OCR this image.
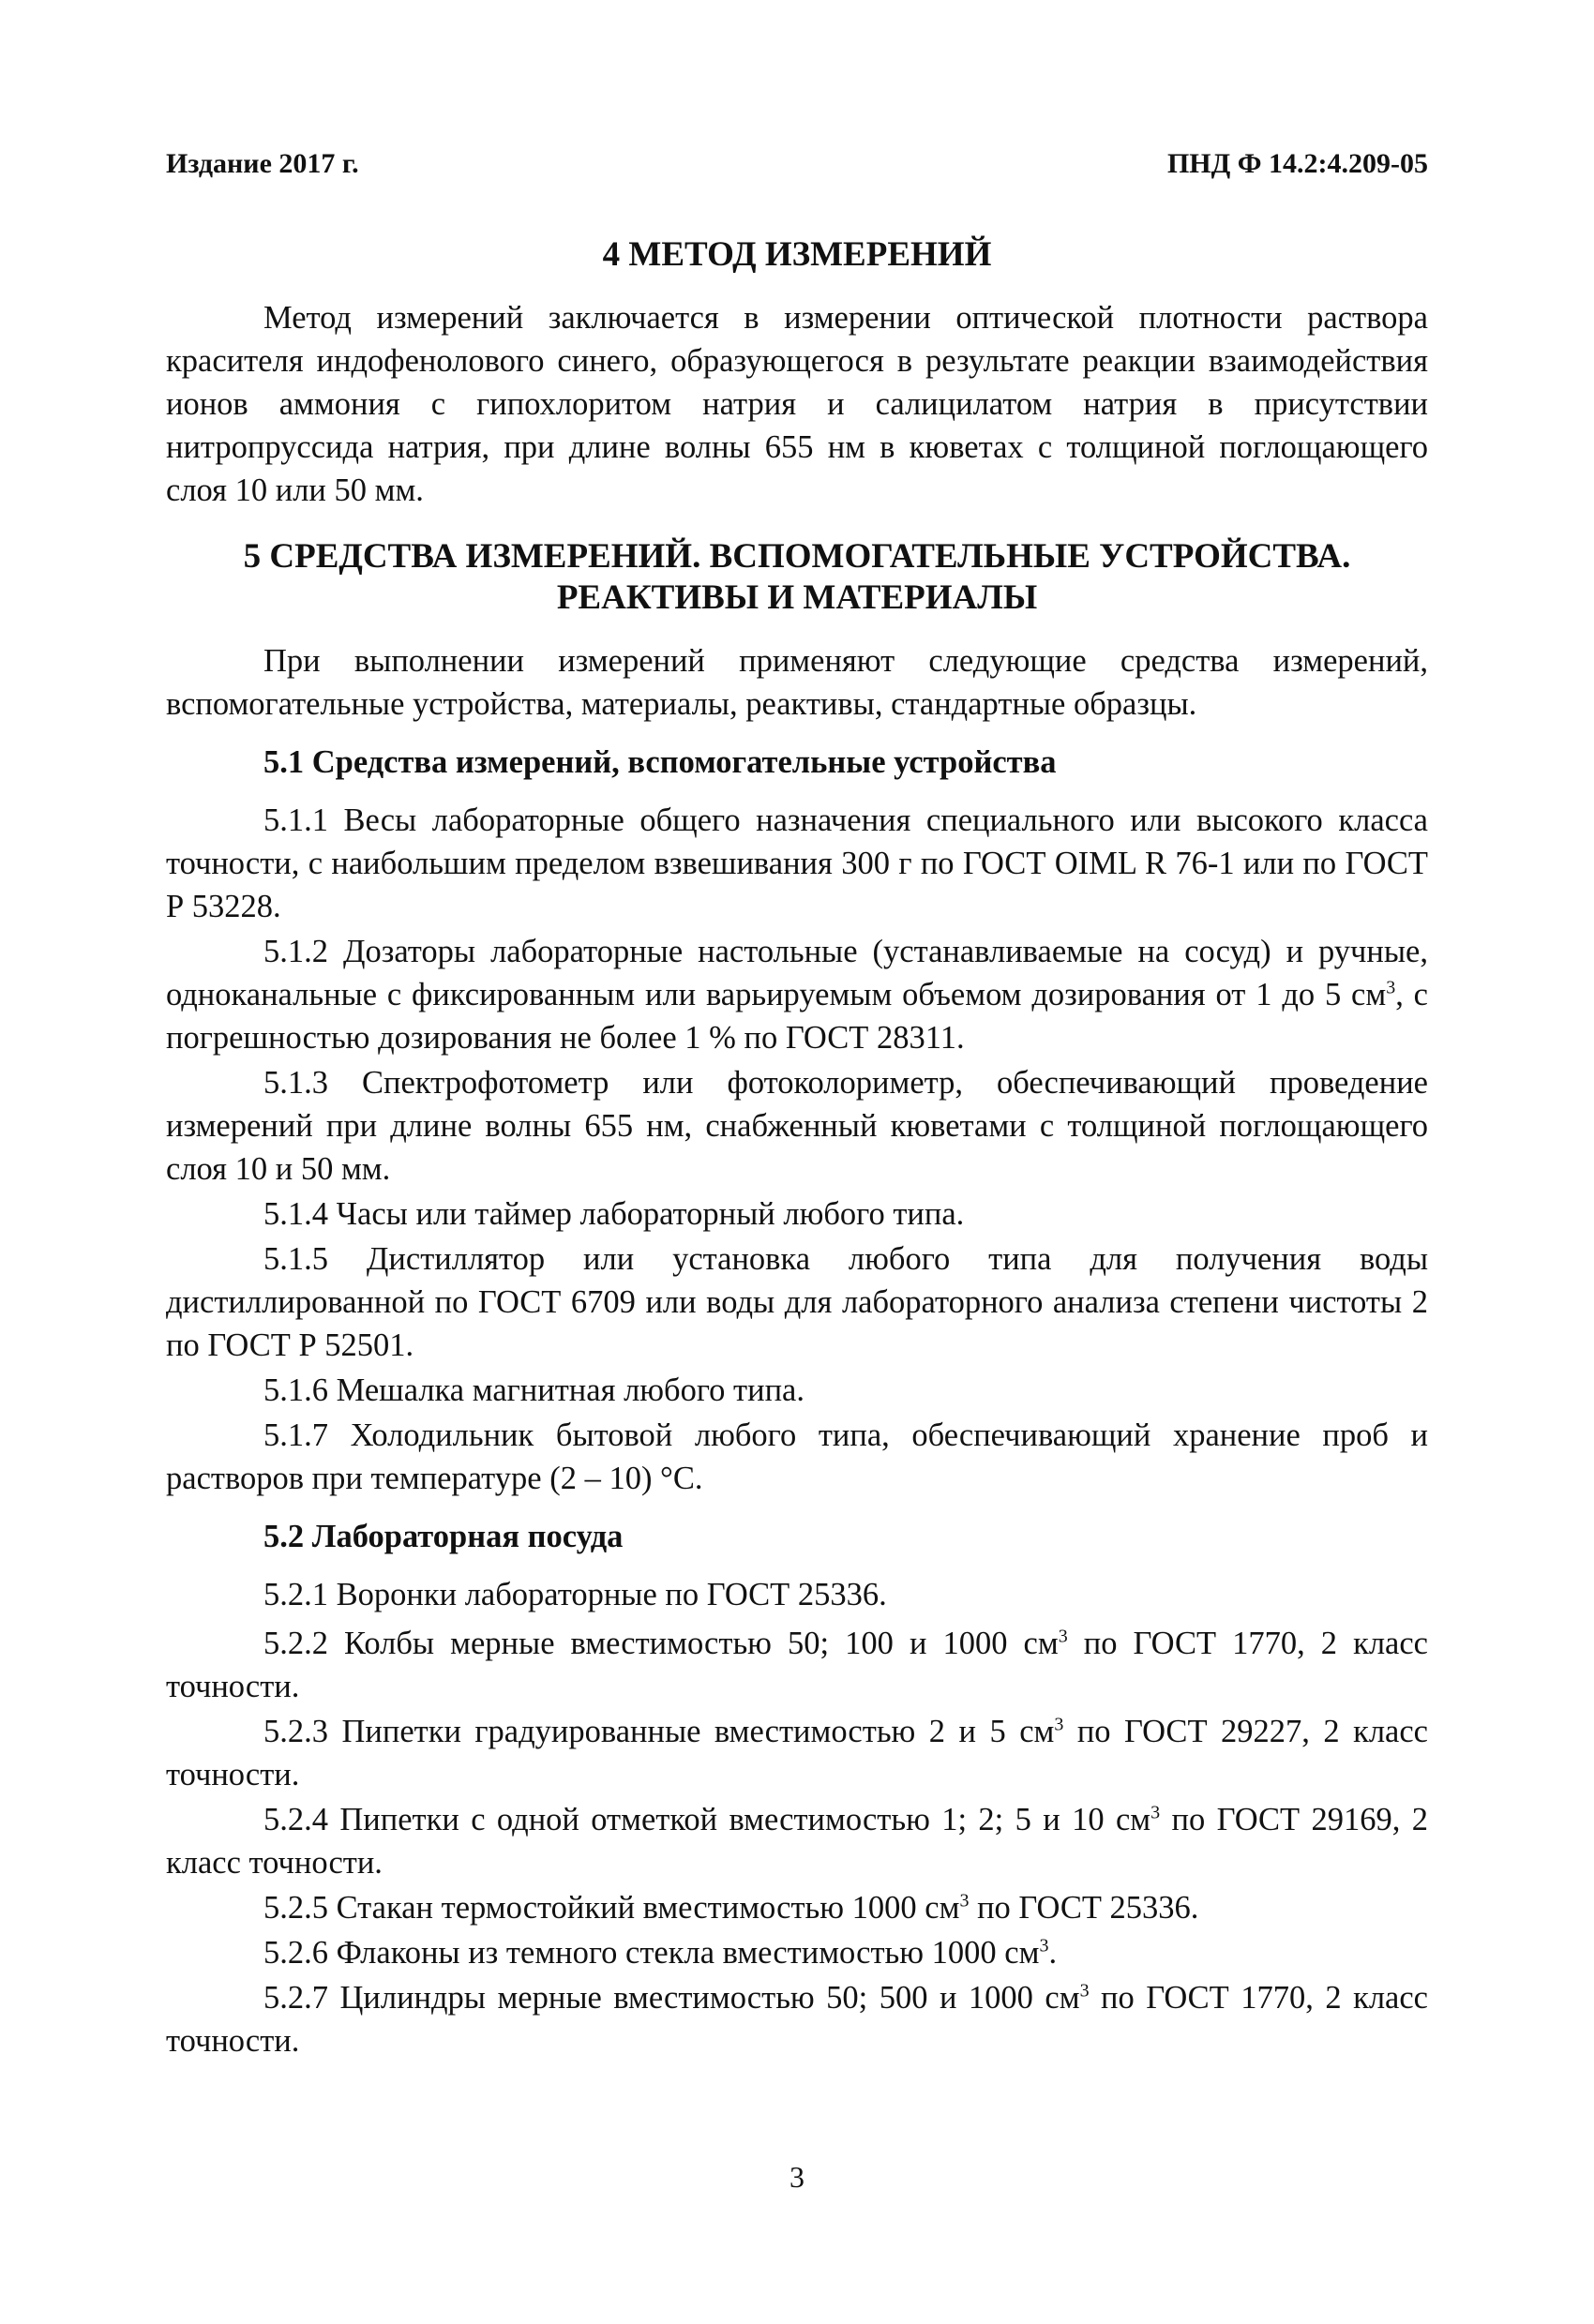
Издание 2017 г.	ПНД Ф 14.2:4.209-05
4 МЕТОД ИЗМЕРЕНИЙ

Метод измерений заключается в измерении оптической плотности раствора красителя индофенолового синего, образующегося в результате реакции взаимодействия ионов аммония с гипохлоритом натрия и салицилатом натрия в присутствии нитропруссида натрия, при длине волны 655 нм в кюветах с толщиной поглощающего слоя 10 или 50 мм.

5 СРЕДСТВА ИЗМЕРЕНИЙ. ВСПОМОГАТЕЛЬНЫЕ УСТРОЙСТВА.
РЕАКТИВЫ И МАТЕРИАЛЫ

При выполнении измерений применяют следующие средства измерений, вспомогательные устройства, материалы, реактивы, стандартные образцы.

5.1 Средства измерений, вспомогательные устройства

5.1.1 Весы лабораторные общего назначения специального или высокого класса точности, с наибольшим пределом взвешивания 300 г по ГОСТ OIML R 76-1 или по ГОСТ Р 53228.

5.1.2 Дозаторы лабораторные настольные (устанавливаемые на сосуд) и ручные, одноканальные с фиксированным или варьируемым объемом дозирования от 1 до 5 $см^3$, с погрешностью дозирования не более 1 % по ГОСТ 28311.

5.1.3 Спектрофотометр или фотоколориметр, обеспечивающий проведение измерений при длине волны 655 нм, снабженный кюветами с толщиной поглощающего слоя 10 и 50 мм.

5.1.4 Часы или таймер лабораторный любого типа.

5.1.5 Дистиллятор или установка любого типа для получения воды дистиллированной по ГОСТ 6709 или воды для лабораторного анализа степени чистоты 2 по ГОСТ Р 52501.

5.1.6 Мешалка магнитная любого типа.

5.1.7 Холодильник бытовой любого типа, обеспечивающий хранение проб и растворов при температуре (2 – 10) °С.

5.2 Лабораторная посуда

5.2.1 Воронки лабораторные по ГОСТ 25336.

5.2.2 Колбы мерные вместимостью 50; 100 и 1000 $см^3$ по ГОСТ 1770, 2 класс точности.

5.2.3 Пипетки градуированные вместимостью 2 и 5 $см^3$ по ГОСТ 29227, 2 класс точности.

5.2.4 Пипетки с одной отметкой вместимостью 1; 2; 5 и 10 $см^3$ по ГОСТ 29169, 2 класс точности.

5.2.5 Стакан термостойкий вместимостью 1000 $см^3$ по ГОСТ 25336.

5.2.6 Флаконы из темного стекла вместимостью 1000 $см^3$.

5.2.7 Цилиндры мерные вместимостью 50; 500 и 1000 $см^3$ по ГОСТ 1770, 2 класс точности.

3
